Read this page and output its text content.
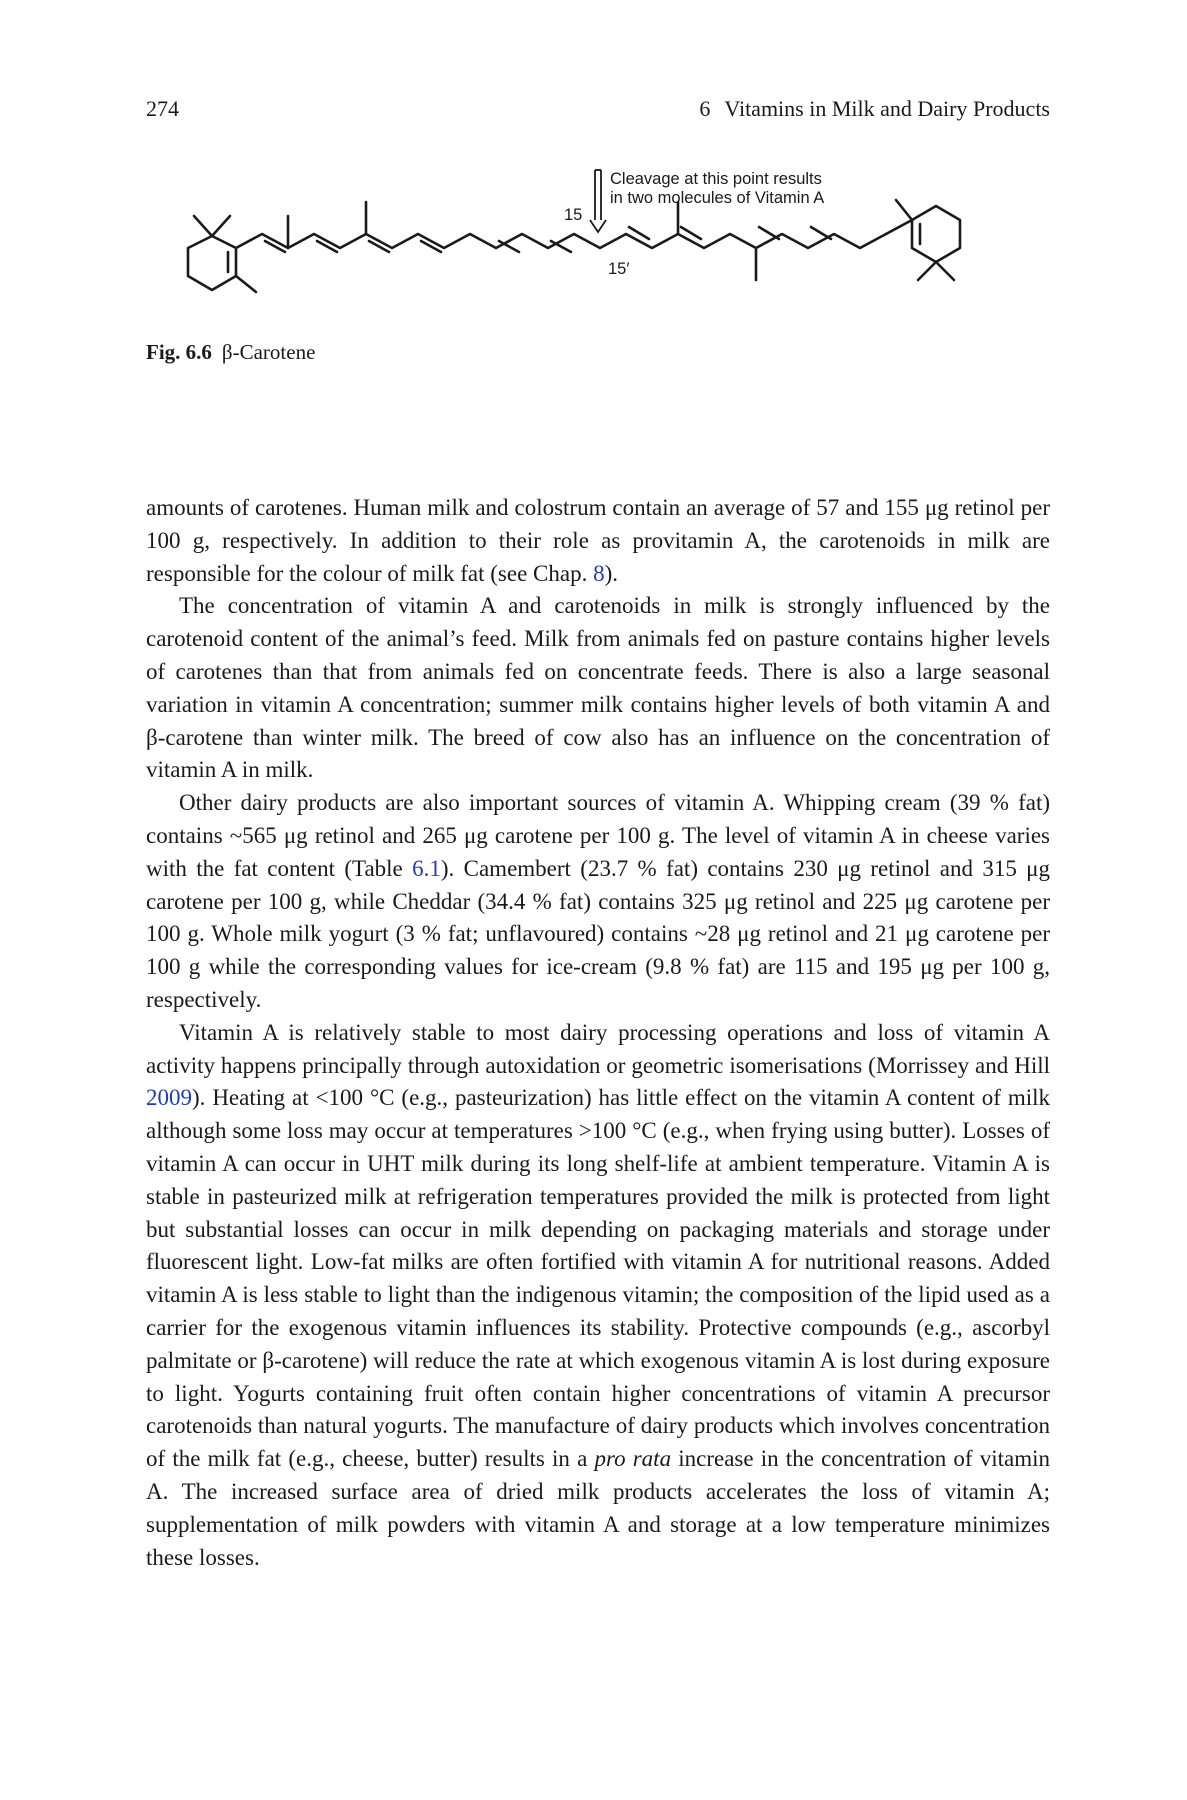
274	6 Vitamins in Milk and Dairy Products
15
15′
Cleavage at this point results
in two molecules of Vitamin A
Fig. 6.6 β-Carotene

amounts of carotenes. Human milk and colostrum contain an average of 57 and 155 μg retinol per 100 g, respectively. In addition to their role as provitamin A, the carotenoids in milk are responsible for the colour of milk fat (see Chap. 8).

The concentration of vitamin A and carotenoids in milk is strongly influenced by the carotenoid content of the animal’s feed. Milk from animals fed on pasture contains higher levels of carotenes than that from animals fed on concentrate feeds. There is also a large seasonal variation in vitamin A concentration; summer milk contains higher levels of both vitamin A and β-carotene than winter milk. The breed of cow also has an influence on the concentration of vitamin A in milk.

Other dairy products are also important sources of vitamin A. Whipping cream (39 % fat) contains ~565 μg retinol and 265 μg carotene per 100 g. The level of vitamin A in cheese varies with the fat content (Table 6.1). Camembert (23.7 % fat) contains 230 μg retinol and 315 μg carotene per 100 g, while Cheddar (34.4 % fat) contains 325 μg retinol and 225 μg carotene per 100 g. Whole milk yogurt (3 % fat; unflavoured) contains ~28 μg retinol and 21 μg carotene per 100 g while the corresponding values for ice-cream (9.8 % fat) are 115 and 195 μg per 100 g, respectively.

Vitamin A is relatively stable to most dairy processing operations and loss of vitamin A activity happens principally through autoxidation or geometric isomerisations (Morrissey and Hill 2009). Heating at <100 °C (e.g., pasteurization) has little effect on the vitamin A content of milk although some loss may occur at temperatures >100 °C (e.g., when frying using butter). Losses of vitamin A can occur in UHT milk during its long shelf-life at ambient temperature. Vitamin A is stable in pasteurized milk at refrigeration temperatures provided the milk is protected from light but substantial losses can occur in milk depending on packaging materials and storage under fluorescent light. Low-fat milks are often fortified with vitamin A for nutritional reasons. Added vitamin A is less stable to light than the indigenous vitamin; the composition of the lipid used as a carrier for the exogenous vitamin influences its stability. Protective compounds (e.g., ascorbyl palmitate or β-carotene) will reduce the rate at which exogenous vitamin A is lost during exposure to light. Yogurts containing fruit often contain higher concentrations of vitamin A precursor carotenoids than natural yogurts. The manufacture of dairy products which involves concentration of the milk fat (e.g., cheese, butter) results in a pro rata increase in the concentration of vitamin A. The increased surface area of dried milk products accelerates the loss of vitamin A; supplementation of milk powders with vitamin A and storage at a low temperature minimizes these losses.
